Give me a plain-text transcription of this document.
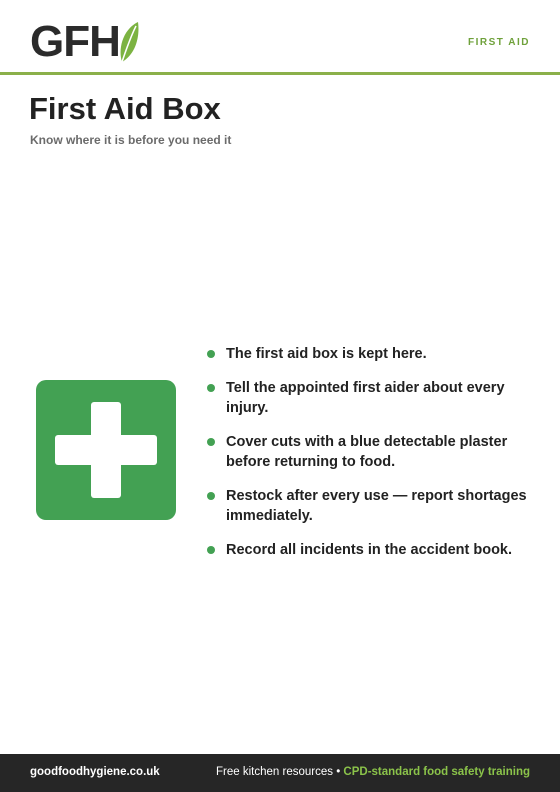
GFH	FIRST AID
First Aid Box
Know where it is before you need it
The first aid box is kept here.
Tell the appointed first aider about every injury.
Cover cuts with a blue detectable plaster before returning to food.
Restock after every use — report shortages immediately.
Record all incidents in the accident book.
goodfoodhygiene.co.uk	Free kitchen resources • CPD-standard food safety training
